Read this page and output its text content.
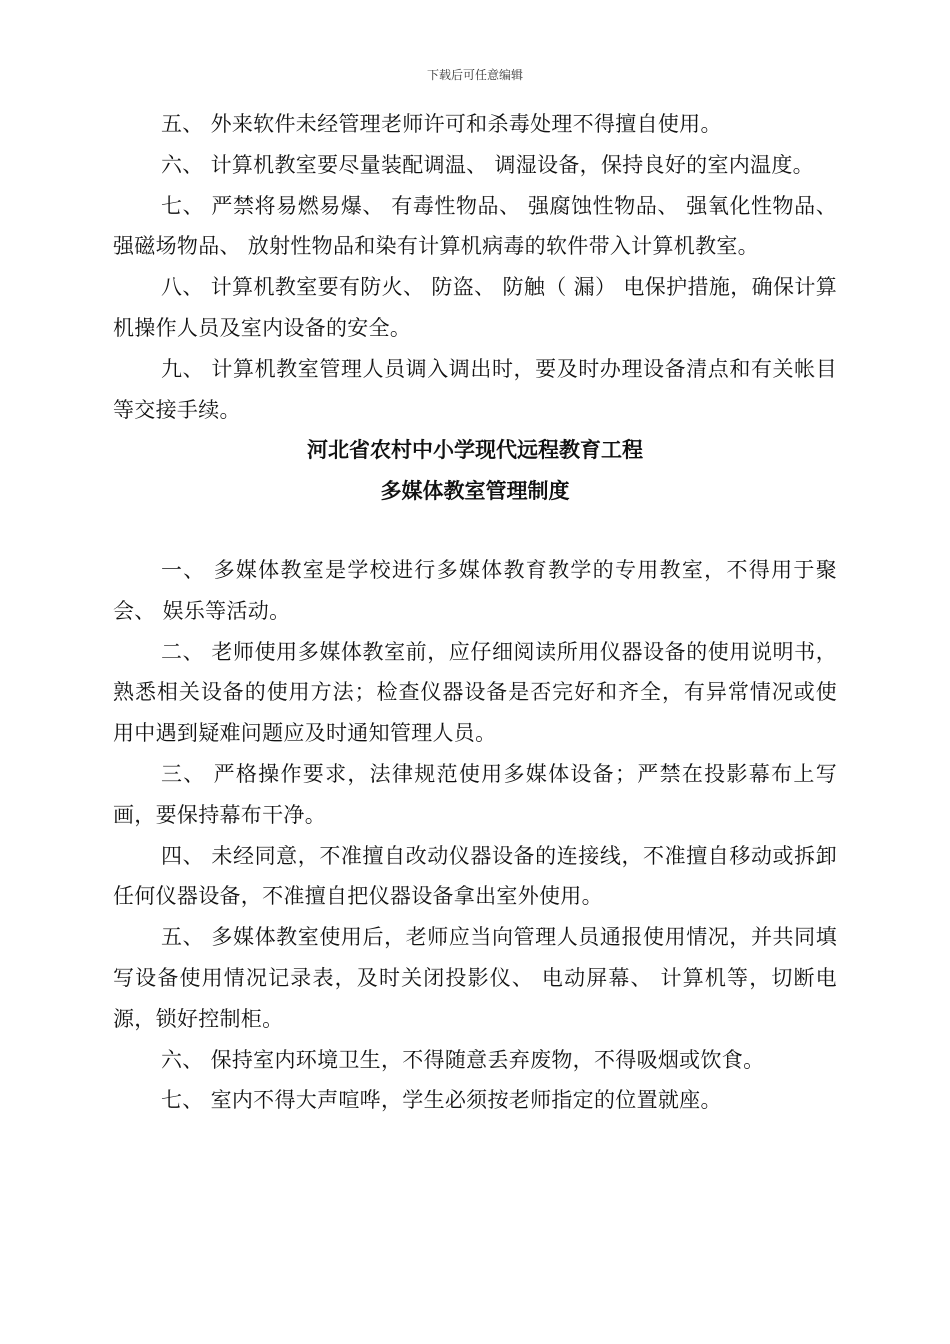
下载后可任意编辑

五、 外来软件未经管理老师许可和杀毒处理不得擅自使用。

六、 计算机教室要尽量装配调温、 调湿设备，保持良好的室内温度。

七、 严禁将易燃易爆、 有毒性物品、 强腐蚀性物品、 强氧化性物品、 强磁场物品、 放射性物品和染有计算机病毒的软件带入计算机教室。

八、 计算机教室要有防火、 防盗、 防触（ 漏） 电保护措施，确保计算机操作人员及室内设备的安全。

九、 计算机教室管理人员调入调出时，要及时办理设备清点和有关帐目等交接手续。

河北省农村中小学现代远程教育工程
多媒体教室管理制度

一、 多媒体教室是学校进行多媒体教育教学的专用教室，不得用于聚会、 娱乐等活动。

二、 老师使用多媒体教室前，应仔细阅读所用仪器设备的使用说明书，熟悉相关设备的使用方法；检查仪器设备是否完好和齐全，有异常情况或使用中遇到疑难问题应及时通知管理人员。

三、 严格操作要求，法律规范使用多媒体设备；严禁在投影幕布上写画，要保持幕布干净。

四、 未经同意，不准擅自改动仪器设备的连接线，不准擅自移动或拆卸任何仪器设备，不准擅自把仪器设备拿出室外使用。

五、 多媒体教室使用后，老师应当向管理人员通报使用情况，并共同填写设备使用情况记录表，及时关闭投影仪、 电动屏幕、 计算机等，切断电源，锁好控制柜。

六、 保持室内环境卫生，不得随意丢弃废物，不得吸烟或饮食。

七、 室内不得大声喧哗，学生必须按老师指定的位置就座。
